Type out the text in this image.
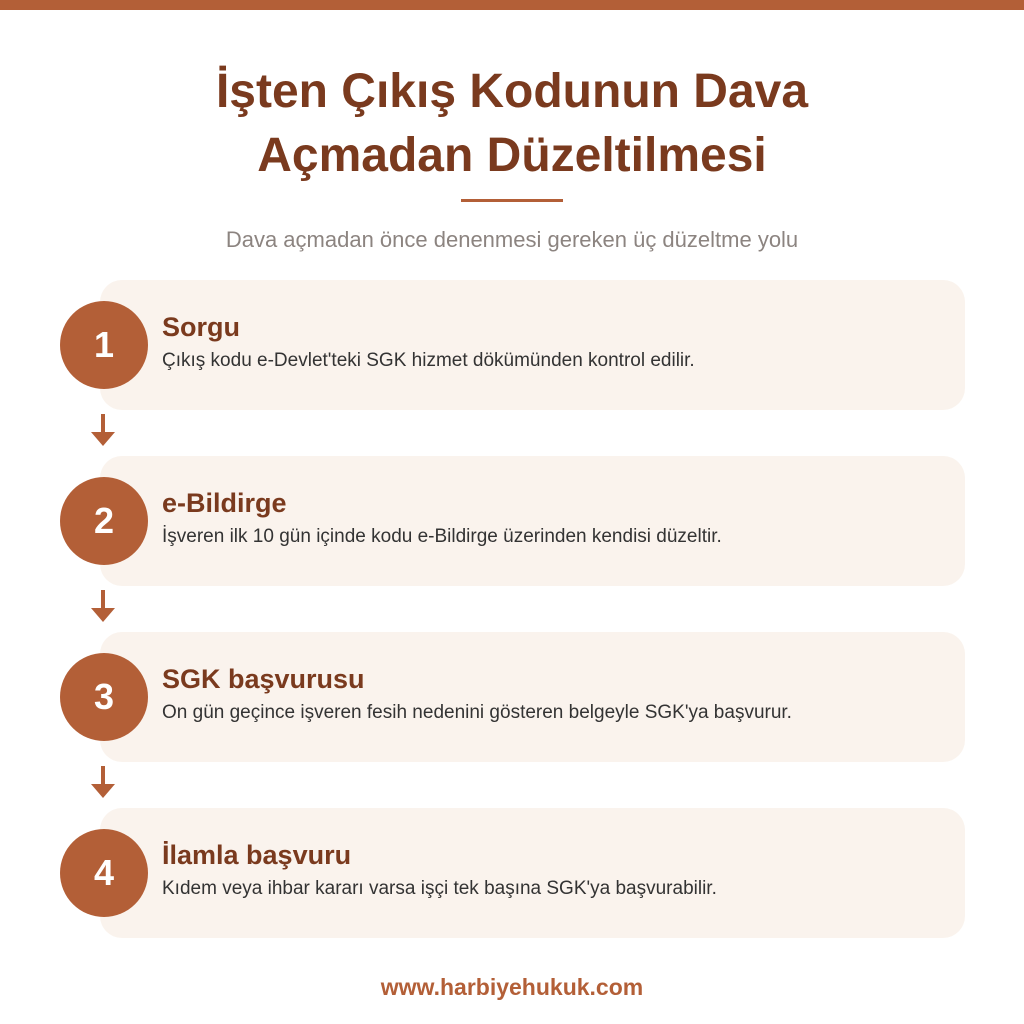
İşten Çıkış Kodunun Dava
Açmadan Düzeltilmesi

Dava açmadan önce denenmesi gereken üç düzeltme yolu

Sorgu
Çıkış kodu e-Devlet'teki SGK hizmet dökümünden kontrol edilir.
1
e-Bildirge
İşveren ilk 10 gün içinde kodu e-Bildirge üzerinden kendisi düzeltir.
2
SGK başvurusu
On gün geçince işveren fesih nedenini gösteren belgeyle SGK'ya başvurur.
3
İlamla başvuru
Kıdem veya ihbar kararı varsa işçi tek başına SGK'ya başvurabilir.
4
www.harbiyehukuk.com
